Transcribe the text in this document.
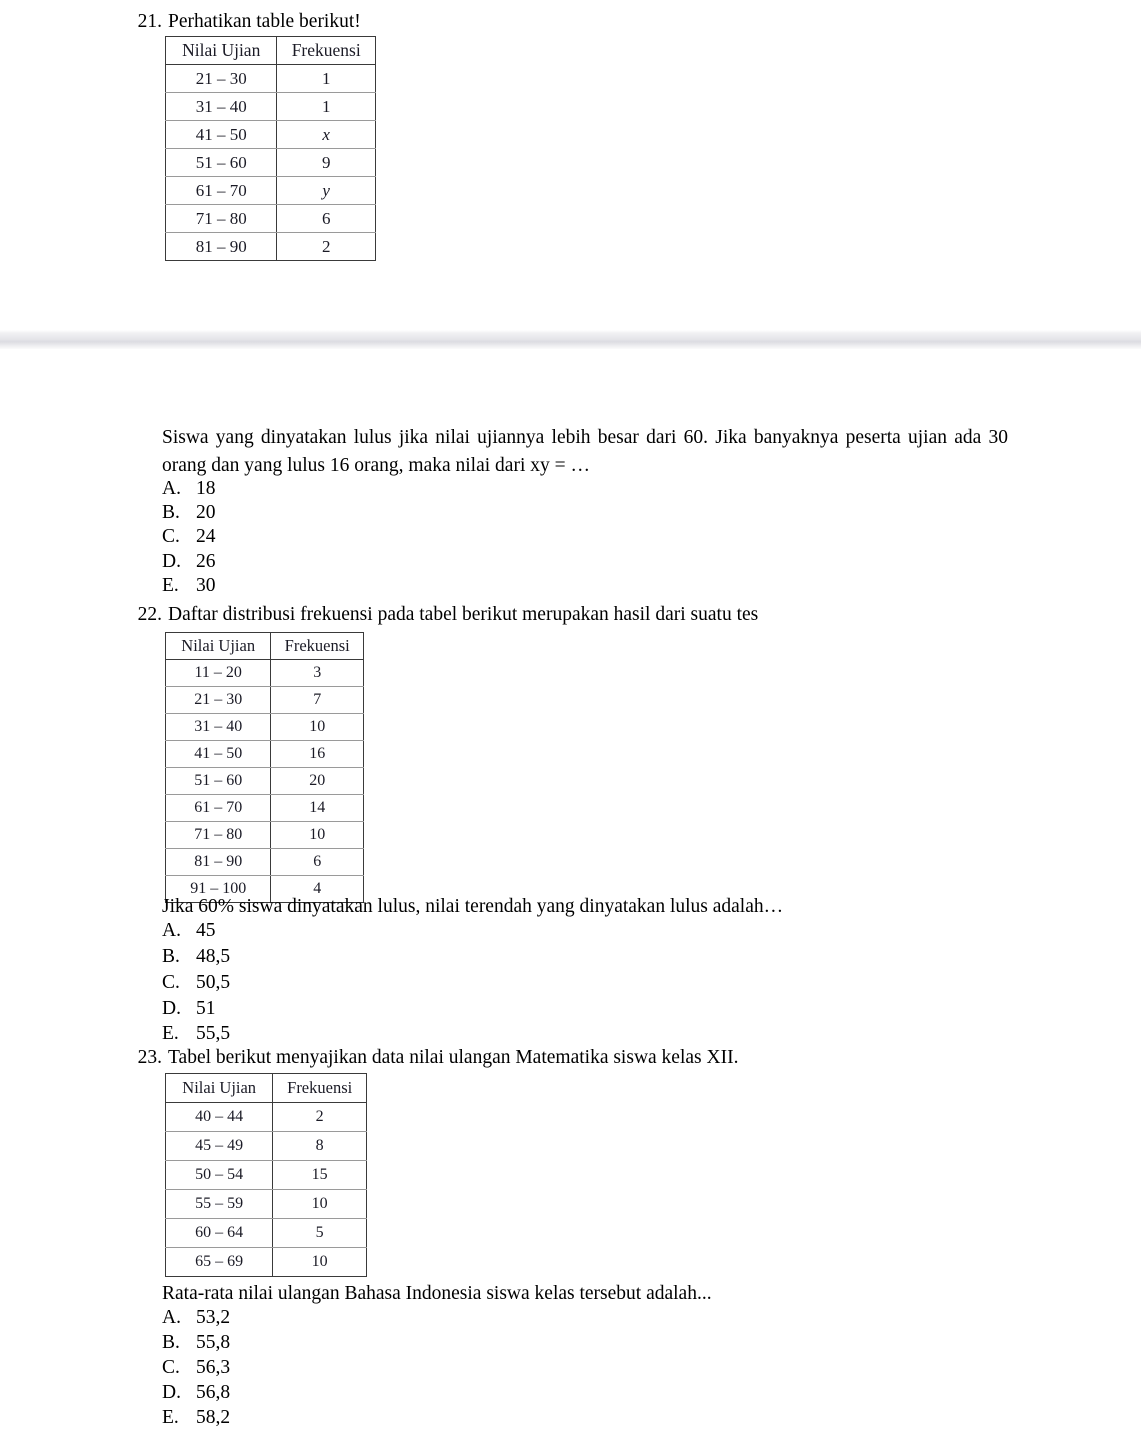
21. Perhatikan table berikut!
Nilai Ujian	Frekuensi
21 – 30	1
31 – 40	1
41 – 50	x
51 – 60	9
61 – 70	y
71 – 80	6
81 – 90	2
Siswa yang dinyatakan lulus jika nilai ujiannya lebih besar dari 60. Jika banyaknya peserta ujian ada 30 orang dan yang lulus 16 orang, maka nilai dari xy = …
A. 18
B. 20
C. 24
D. 26
E. 30
22. Daftar distribusi frekuensi pada tabel berikut merupakan hasil dari suatu tes
Nilai Ujian	Frekuensi
11 – 20	3
21 – 30	7
31 – 40	10
41 – 50	16
51 – 60	20
61 – 70	14
71 – 80	10
81 – 90	6
91 – 100	4
Jika 60% siswa dinyatakan lulus, nilai terendah yang dinyatakan lulus adalah…
A. 45
B. 48,5
C. 50,5
D. 51
E. 55,5
23. Tabel berikut menyajikan data nilai ulangan Matematika siswa kelas XII.
Nilai Ujian	Frekuensi
40 – 44	2
45 – 49	8
50 – 54	15
55 – 59	10
60 – 64	5
65 – 69	10
Rata-rata nilai ulangan Bahasa Indonesia siswa kelas tersebut adalah...
A. 53,2
B. 55,8
C. 56,3
D. 56,8
E. 58,2
